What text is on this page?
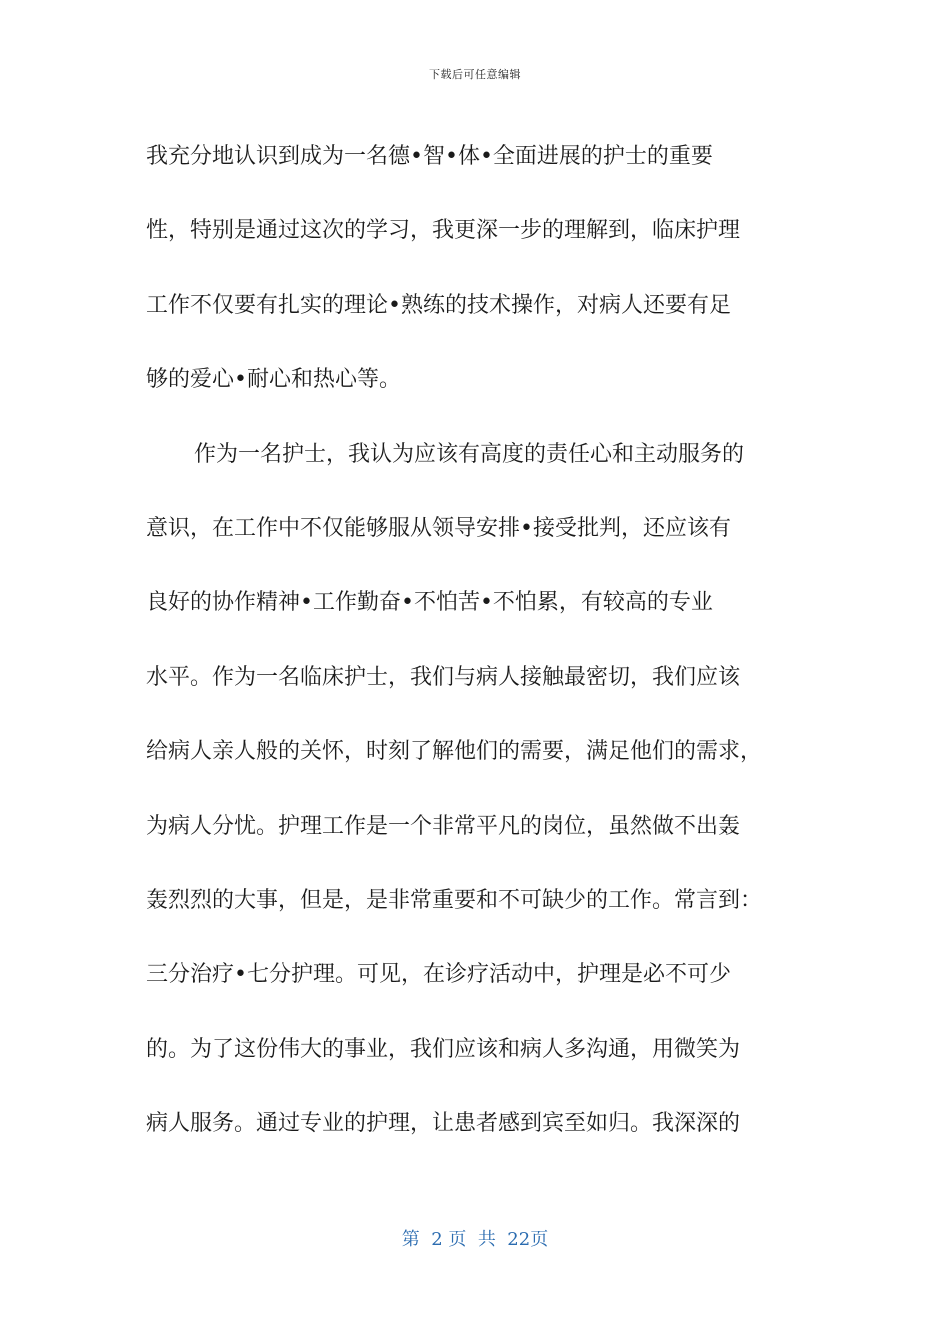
下载后可任意编辑
我充分地认识到成为一名德•智•体•全面进展的护士的重要
性，特别是通过这次的学习，我更深一步的理解到，临床护理
工作不仅要有扎实的理论•熟练的技术操作，对病人还要有足
够的爱心•耐心和热心等。
作为一名护士，我认为应该有高度的责任心和主动服务的
意识，在工作中不仅能够服从领导安排•接受批判，还应该有
良好的协作精神•工作勤奋•不怕苦•不怕累，有较高的专业
水平。作为一名临床护士，我们与病人接触最密切，我们应该
给病人亲人般的关怀，时刻了解他们的需要，满足他们的需求，
为病人分忧。护理工作是一个非常平凡的岗位，虽然做不出轰
轰烈烈的大事，但是，是非常重要和不可缺少的工作。常言到：
三分治疗•七分护理。可见，在诊疗活动中，护理是必不可少
的。为了这份伟大的事业，我们应该和病人多沟通，用微笑为
病人服务。通过专业的护理，让患者感到宾至如归。我深深的
第  2 页  共  22页
